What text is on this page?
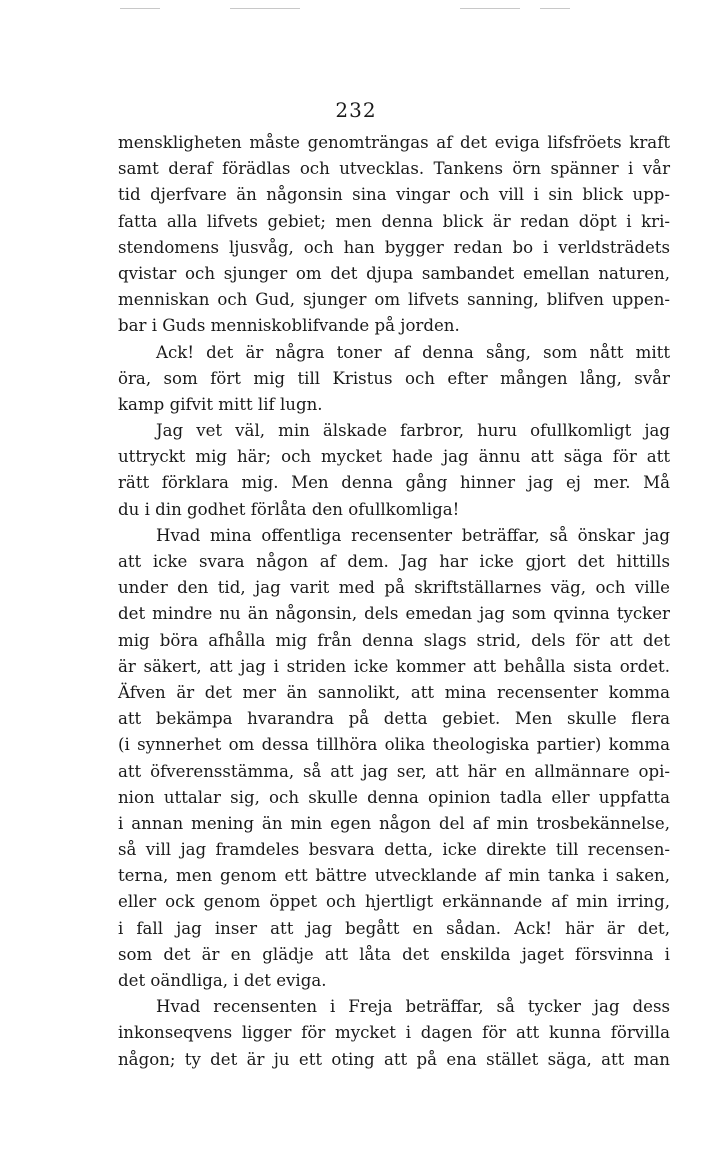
232
menskligheten måste genomträngas af det eviga lifsfröets kraft
samt deraf förädlas och utvecklas. Tankens örn spänner i vår
tid djerfvare än någonsin sina vingar och vill i sin blick upp-
fatta alla lifvets gebiet; men denna blick är redan döpt i kri-
stendomens ljusvåg, och han bygger redan bo i verldsträdets
qvistar och sjunger om det djupa sambandet emellan naturen,
menniskan och Gud, sjunger om lifvets sanning, blifven uppen-
bar i Guds menniskoblifvande på jorden.
Ack! det är några toner af denna sång, som nått mitt
öra, som fört mig till Kristus och efter mången lång, svår
kamp gifvit mitt lif lugn.
Jag vet väl, min älskade farbror, huru ofullkomligt jag
uttryckt mig här; och mycket hade jag ännu att säga för att
rätt förklara mig. Men denna gång hinner jag ej mer. Må
du i din godhet förlåta den ofullkomliga!
Hvad mina offentliga recensenter beträffar, så önskar jag
att icke svara någon af dem. Jag har icke gjort det hittills
under den tid, jag varit med på skriftställarnes väg, och ville
det mindre nu än någonsin, dels emedan jag som qvinna tycker
mig böra afhålla mig från denna slags strid, dels för att det
är säkert, att jag i striden icke kommer att behålla sista ordet.
Äfven är det mer än sannolikt, att mina recensenter komma
att bekämpa hvarandra på detta gebiet. Men skulle flera
(i synnerhet om dessa tillhöra olika theologiska partier) komma
att öfverensstämma, så att jag ser, att här en allmännare opi-
nion uttalar sig, och skulle denna opinion tadla eller uppfatta
i annan mening än min egen någon del af min trosbekännelse,
så vill jag framdeles besvara detta, icke direkte till recensen-
terna, men genom ett bättre utvecklande af min tanka i saken,
eller ock genom öppet och hjertligt erkännande af min irring,
i fall jag inser att jag begått en sådan. Ack! här är det,
som det är en glädje att låta det enskilda jaget försvinna i
det oändliga, i det eviga.
Hvad recensenten i Freja beträffar, så tycker jag dess
inkonseqvens ligger för mycket i dagen för att kunna förvilla
någon; ty det är ju ett oting att på ena stället säga, att man
